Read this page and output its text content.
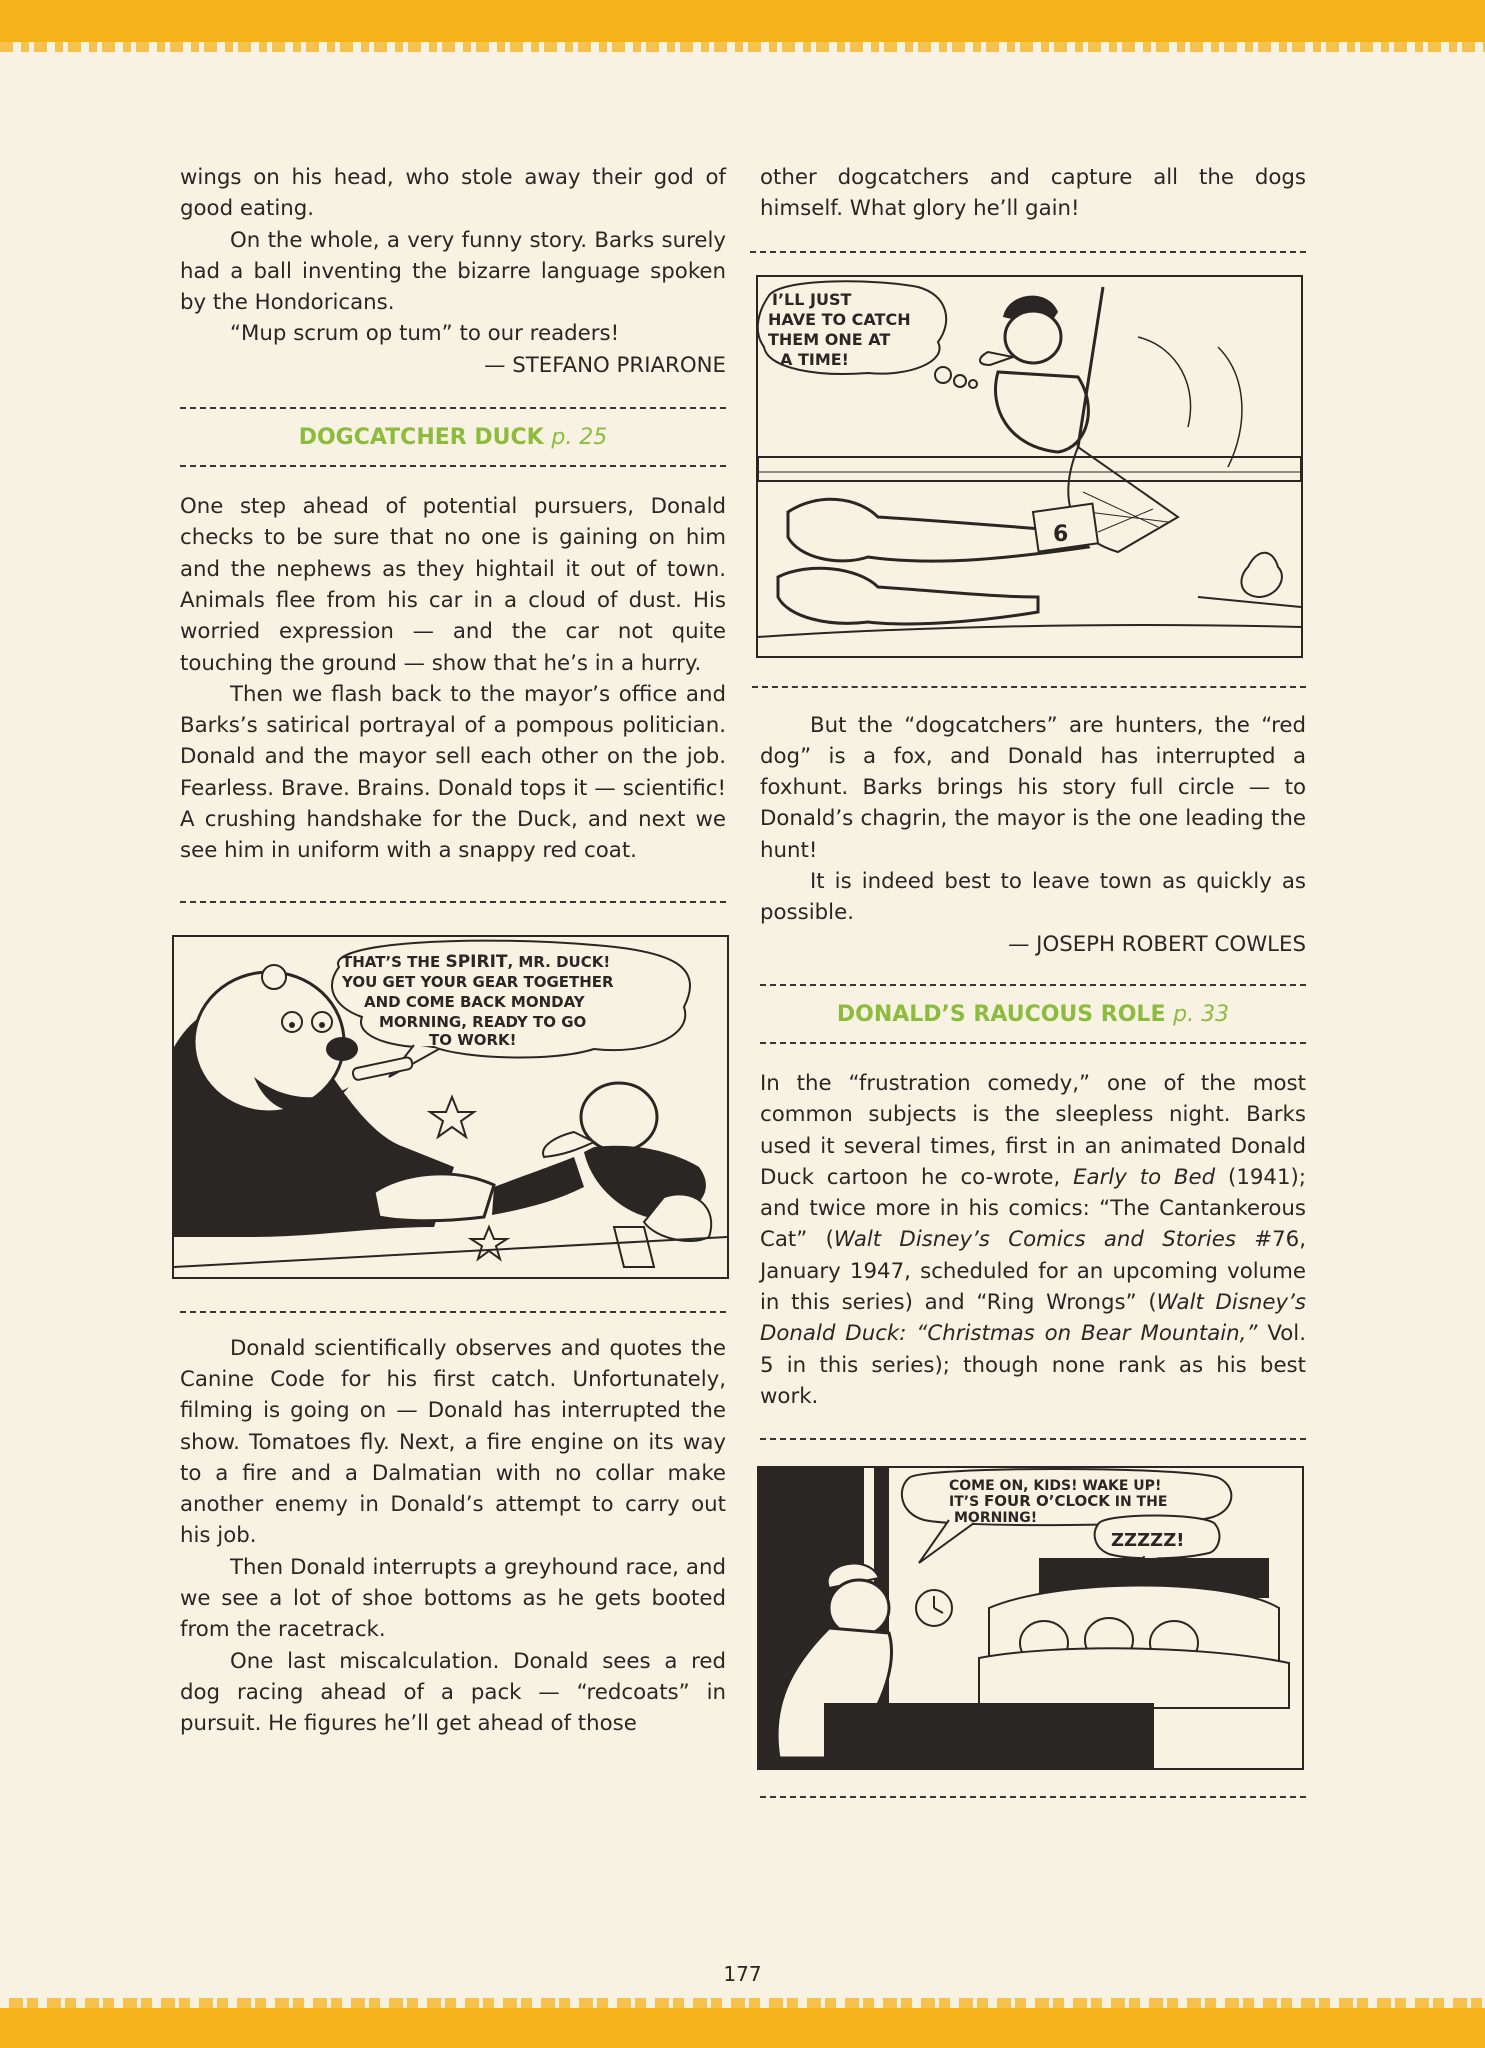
wings on his head, who stole away their god of good eating.

On the whole, a very funny story. Barks surely had a ball inventing the bizarre language spoken by the Hondoricans.

“Mup scrum op tum” to our readers!

— STEFANO PRIARONE

DOGCATCHER DUCK p. 25

One step ahead of potential pursuers, Donald checks to be sure that no one is gaining on him and the nephews as they hightail it out of town. Animals flee from his car in a cloud of dust. His worried expression — and the car not quite touching the ground — show that he’s in a hurry.

Then we flash back to the mayor’s office and Barks’s satirical portrayal of a pompous politician. Donald and the mayor sell each other on the job. Fearless. Brave. Brains. Donald tops it — scientific! A crushing handshake for the Duck, and next we see him in uniform with a snappy red coat.

THAT’S THE SPIRIT, MR. DUCK! YOU GET YOUR GEAR TOGETHER AND COME BACK MONDAY MORNING, READY TO GO TO WORK!

Donald scientifically observes and quotes the Canine Code for his first catch. Unfortunately, filming is going on — Donald has interrupted the show. Tomatoes fly. Next, a fire engine on its way to a fire and a Dalmatian with no collar make another enemy in Donald’s attempt to carry out his job.

Then Donald interrupts a greyhound race, and we see a lot of shoe bottoms as he gets booted from the racetrack.

One last miscalculation. Donald sees a red dog racing ahead of a pack — “redcoats” in pursuit. He figures he’ll get ahead of those

other dogcatchers and capture all the dogs himself. What glory he’ll gain!

I’LL JUST HAVE TO CATCH THEM ONE AT A TIME!
6

But the “dogcatchers” are hunters, the “red dog” is a fox, and Donald has interrupted a foxhunt. Barks brings his story full circle — to Donald’s chagrin, the mayor is the one leading the hunt!

It is indeed best to leave town as quickly as possible.

— JOSEPH ROBERT COWLES

DONALD’S RAUCOUS ROLE p. 33

In the “frustration comedy,” one of the most common subjects is the sleepless night. Barks used it several times, first in an animated Donald Duck cartoon he co-wrote, Early to Bed (1941); and twice more in his comics: “The Cantankerous Cat” (Walt Disney’s Comics and Stories #76, January 1947, scheduled for an upcoming volume in this series) and “Ring Wrongs” (Walt Disney’s Donald Duck: “Christmas on Bear Mountain,” Vol. 5 in this series); though none rank as his best work.

COME ON, KIDS! WAKE UP! IT’S FOUR O’CLOCK IN THE MORNING!
ZZZZZ!
177
